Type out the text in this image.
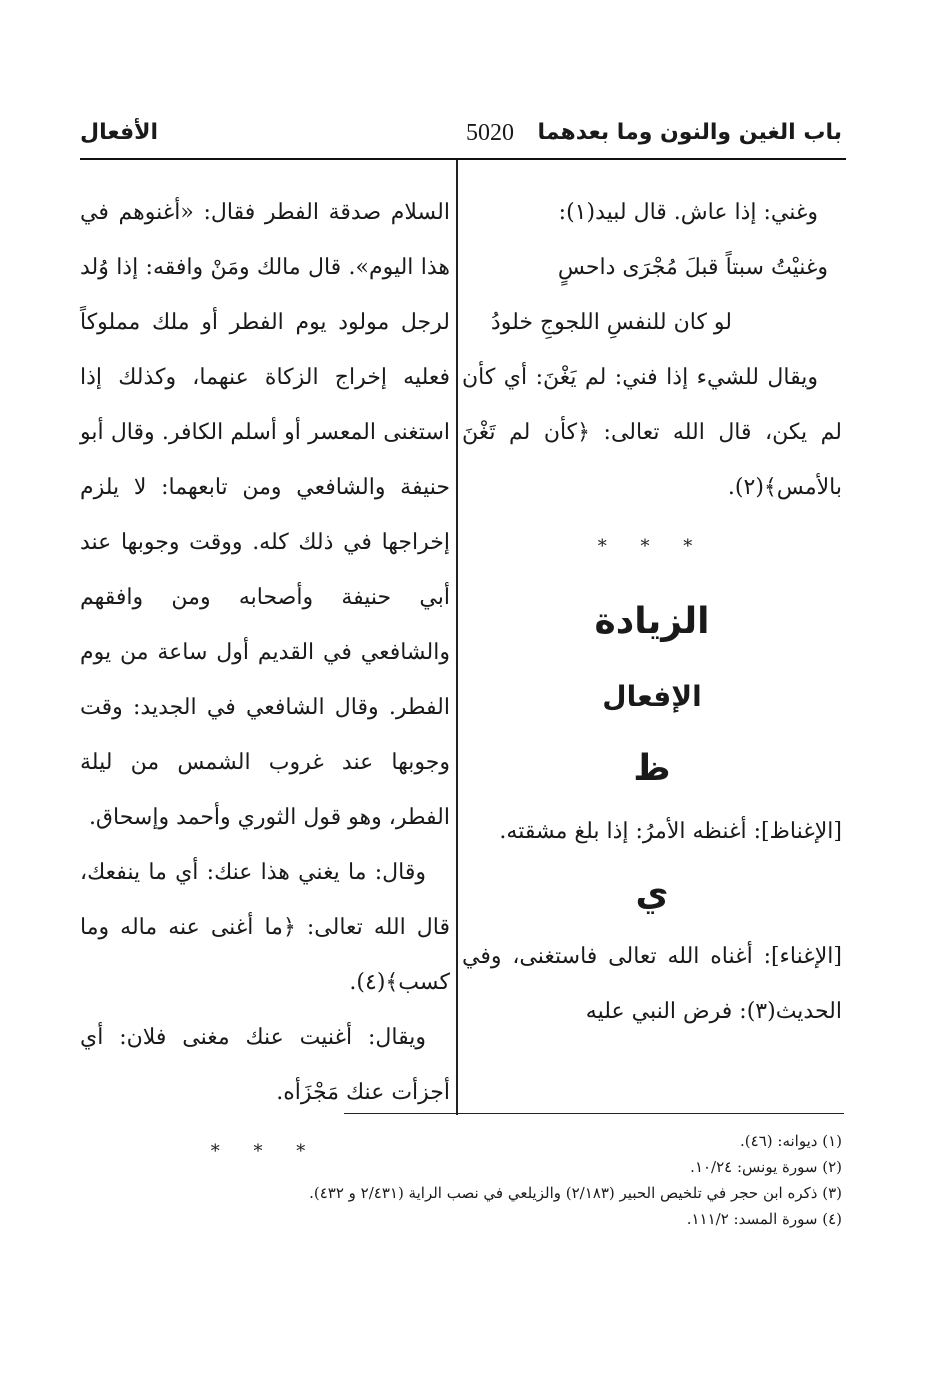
باب الغين والنون وما بعدهما
5020
الأفعال

وغني: إذا عاش. قال لبيد(١):

وغنيْتُ سبتاً قبلَ مُجْرَى داحسٍ

لو كان للنفسِ اللجوجِ خلودُ

ويقال للشيء إذا فني: لم يَغْنَ: أي كأن لم يكن، قال الله تعالى: ﴿كأن لم تَغْنَ بالأمس﴾(٢).

* * *

الزيادة

الإفعال

ظ

[الإغناظ]: أغنظه الأمرُ: إذا بلغ مشقته.

ي

[الإغناء]: أغناه الله تعالى فاستغنى، وفي الحديث(٣): فرض النبي عليه

السلام صدقة الفطر فقال: «أغنوهم في هذا اليوم». قال مالك ومَنْ وافقه: إذا وُلد لرجل مولود يوم الفطر أو ملك مملوكاً فعليه إخراج الزكاة عنهما، وكذلك إذا استغنى المعسر أو أسلم الكافر. وقال أبو حنيفة والشافعي ومن تابعهما: لا يلزم إخراجها في ذلك كله. ووقت وجوبها عند أبي حنيفة وأصحابه ومن وافقهم والشافعي في القديم أول ساعة من يوم الفطر. وقال الشافعي في الجديد: وقت وجوبها عند غروب الشمس من ليلة الفطر، وهو قول الثوري وأحمد وإسحاق.

وقال: ما يغني هذا عنك: أي ما ينفعك، قال الله تعالى: ﴿ما أغنى عنه ماله وما كسب﴾(٤).

ويقال: أغنيت عنك مغنى فلان: أي أجزأت عنك مَجْزَأه.

* * *	(١) ديوانه: (٤٦).

(٢) سورة يونس: ١٠/٢٤.

(٣) ذكره ابن حجر في تلخيص الحبير (٢/١٨٣) والزيلعي في نصب الراية (٢/٤٣١ و ٤٣٢).

(٤) سورة المسد: ١١١/٢.
